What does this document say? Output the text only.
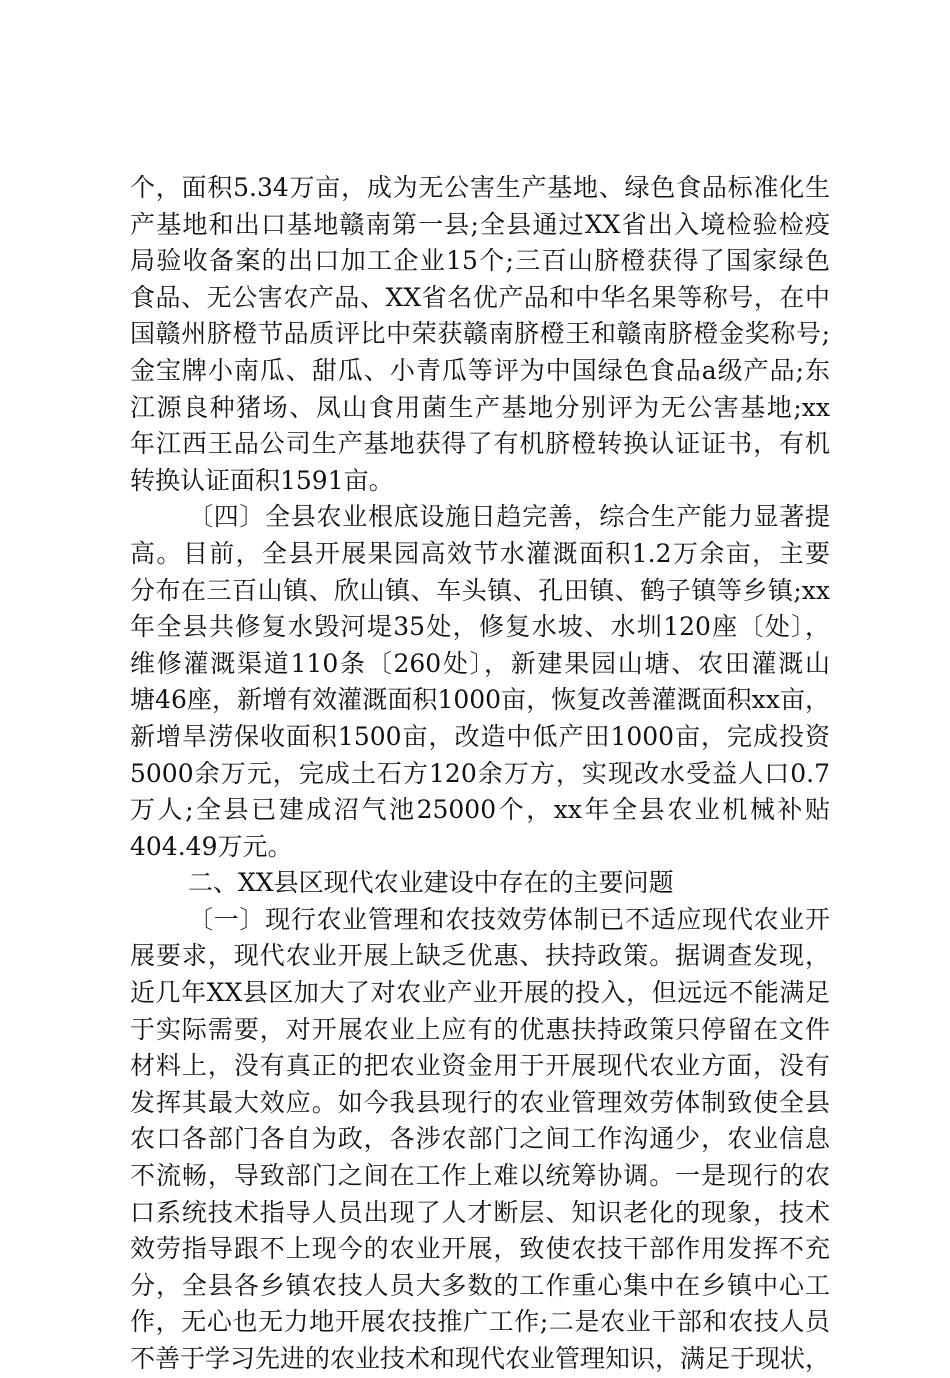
个，面积5.34万亩，成为无公害生产基地、绿色食品标准化生
产基地和出口基地赣南第一县;全县通过XX省出入境检验检疫
局验收备案的出口加工企业15个;三百山脐橙获得了国家绿色
食品、无公害农产品、XX省名优产品和中华名果等称号，在中
国赣州脐橙节品质评比中荣获赣南脐橙王和赣南脐橙金奖称号;
金宝牌小南瓜、甜瓜、小青瓜等评为中国绿色食品a级产品;东
江源良种猪场、凤山食用菌生产基地分别评为无公害基地;xx
年江西王品公司生产基地获得了有机脐橙转换认证证书，有机
转换认证面积1591亩。
〔四〕全县农业根底设施日趋完善，综合生产能力显著提
高。目前，全县开展果园高效节水灌溉面积1.2万余亩，主要
分布在三百山镇、欣山镇、车头镇、孔田镇、鹤子镇等乡镇;xx
年全县共修复水毁河堤35处，修复水坡、水圳120座〔处〕，
维修灌溉渠道110条〔260处〕，新建果园山塘、农田灌溉山
塘46座，新增有效灌溉面积1000亩，恢复改善灌溉面积xx亩，
新增旱涝保收面积1500亩，改造中低产田1000亩，完成投资
5000余万元，完成土石方120余万方，实现改水受益人口0.7
万人;全县已建成沼气池25000个，xx年全县农业机械补贴
404.49万元。
二、XX县区现代农业建设中存在的主要问题
〔一〕现行农业管理和农技效劳体制已不适应现代农业开
展要求，现代农业开展上缺乏优惠、扶持政策。据调查发现，
近几年XX县区加大了对农业产业开展的投入，但远远不能满足
于实际需要，对开展农业上应有的优惠扶持政策只停留在文件
材料上，没有真正的把农业资金用于开展现代农业方面，没有
发挥其最大效应。如今我县现行的农业管理效劳体制致使全县
农口各部门各自为政，各涉农部门之间工作沟通少，农业信息
不流畅，导致部门之间在工作上难以统筹协调。一是现行的农
口系统技术指导人员出现了人才断层、知识老化的现象，技术
效劳指导跟不上现今的农业开展，致使农技干部作用发挥不充
分，全县各乡镇农技人员大多数的工作重心集中在乡镇中心工
作，无心也无力地开展农技推广工作;二是农业干部和农技人员
不善于学习先进的农业技术和现代农业管理知识，满足于现状，
